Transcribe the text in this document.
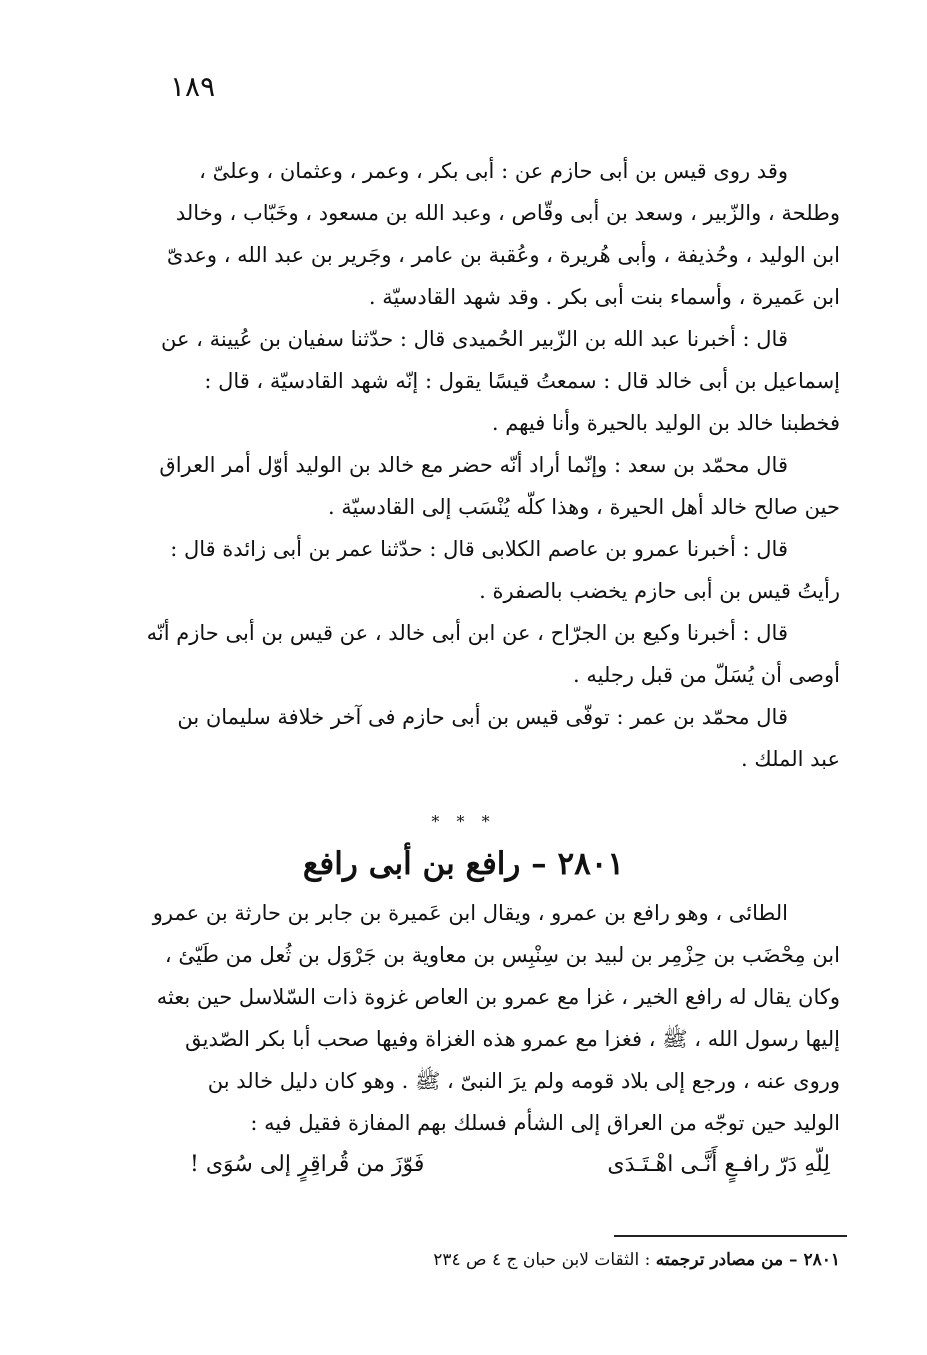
١٨٩
وقد روى قيس بن أبى حازم عن : أبى بكر ، وعمر ، وعثمان ، وعلىّ ،
وطلحة ، والزّبير ، وسعد بن أبى وقّاص ، وعبد الله بن مسعود ، وخَبّاب ، وخالد
ابن الوليد ، وحُذيفة ، وأبى هُريرة ، وعُقبة بن عامر ، وجَرير بن عبد الله ، وعدىّ
ابن عَميرة ، وأسماء بنت أبى بكر . وقد شهد القادسيّة .
قال : أخبرنا عبد الله بن الزّبير الحُميدى قال : حدّثنا سفيان بن عُيينة ، عن
إسماعيل بن أبى خالد قال : سمعتُ قيسًا يقول : إنّه شهد القادسيّة ، قال :
فخطبنا خالد بن الوليد بالحيرة وأنا فيهم .
قال محمّد بن سعد : وإنّما أراد أنّه حضر مع خالد بن الوليد أوّل أمر العراق
حين صالح خالد أهل الحيرة ، وهذا كلّه يُنْسَب إلى القادسيّة .
قال : أخبرنا عمرو بن عاصم الكلابى قال : حدّثنا عمر بن أبى زائدة قال :
رأيتُ قيس بن أبى حازم يخضب بالصفرة .
قال : أخبرنا وكيع بن الجرّاح ، عن ابن أبى خالد ، عن قيس بن أبى حازم أنّه
أوصى أن يُسَلّ من قبل رجليه .
قال محمّد بن عمر : توفّى قيس بن أبى حازم فى آخر خلافة سليمان بن
عبد الملك .
* * *
٢٨٠١ – رافع بن أبى رافع
الطائى ، وهو رافع بن عمرو ، ويقال ابن عَميرة بن جابر بن حارثة بن عمرو
ابن مِحْضَب بن حِزْمِر بن لبيد بن سِنْبِس بن معاوية بن جَرْوَل بن ثُعل من طَيّئ ،
وكان يقال له رافع الخير ، غزا مع عمرو بن العاص غزوة ذات السّلاسل حين بعثه
إليها رسول الله ، ﷺ ، فغزا مع عمرو هذه الغزاة وفيها صحب أبا بكر الصّديق
وروى عنه ، ورجع إلى بلاد قومه ولم يرَ النبىّ ، ﷺ . وهو كان دليل خالد بن
الوليد حين توجّه من العراق إلى الشأم فسلك بهم المفازة فقيل فيه :
لِلّهِ دَرّ رافـعٍ أَنَّـى اهْـتَـدَى
فَوّزَ من قُراقِرٍ إلى سُوَى !
٢٨٠١ – من مصادر ترجمته : الثقات لابن حبان ج ٤ ص ٢٣٤
